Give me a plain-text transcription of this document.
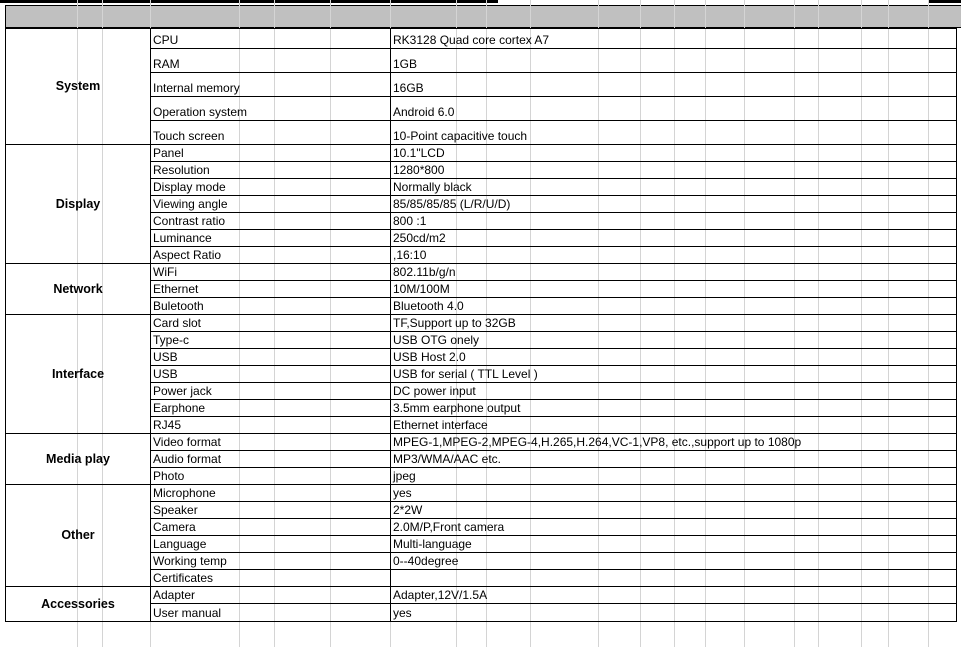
System	CPU	RK3128 Quad core cortex A7
	RAM	1GB
	Internal memory	16GB
	Operation system	Android 6.0
	Touch screen	10-Point capacitive touch
Display	Panel	10.1"LCD
	Resolution	1280*800
	Display mode	Normally black
	Viewing angle	85/85/85/85 (L/R/U/D)
	Contrast ratio	800 :1
	Luminance	250cd/m2
	Aspect Ratio	,16:10
Network	WiFi	802.11b/g/n
	Ethernet	10M/100M
	Buletooth	Bluetooth 4.0
Interface	Card slot	TF,Support up to 32GB
	Type-c	USB OTG onely
	USB	USB Host 2.0
	USB	USB for serial ( TTL Level )
	Power jack	DC power input
	Earphone	3.5mm earphone output
	RJ45	Ethernet interface
Media play	Video format	MPEG-1,MPEG-2,MPEG-4,H.265,H.264,VC-1,VP8, etc.,support up to 1080p
	Audio format	MP3/WMA/AAC etc.
	Photo	jpeg
Other	Microphone	yes
	Speaker	2*2W
	Camera	2.0M/P,Front camera
	Language	Multi-language
	Working temp	0--40degree
	Certificates	
Accessories	Adapter	Adapter,12V/1.5A
	User manual	yes
